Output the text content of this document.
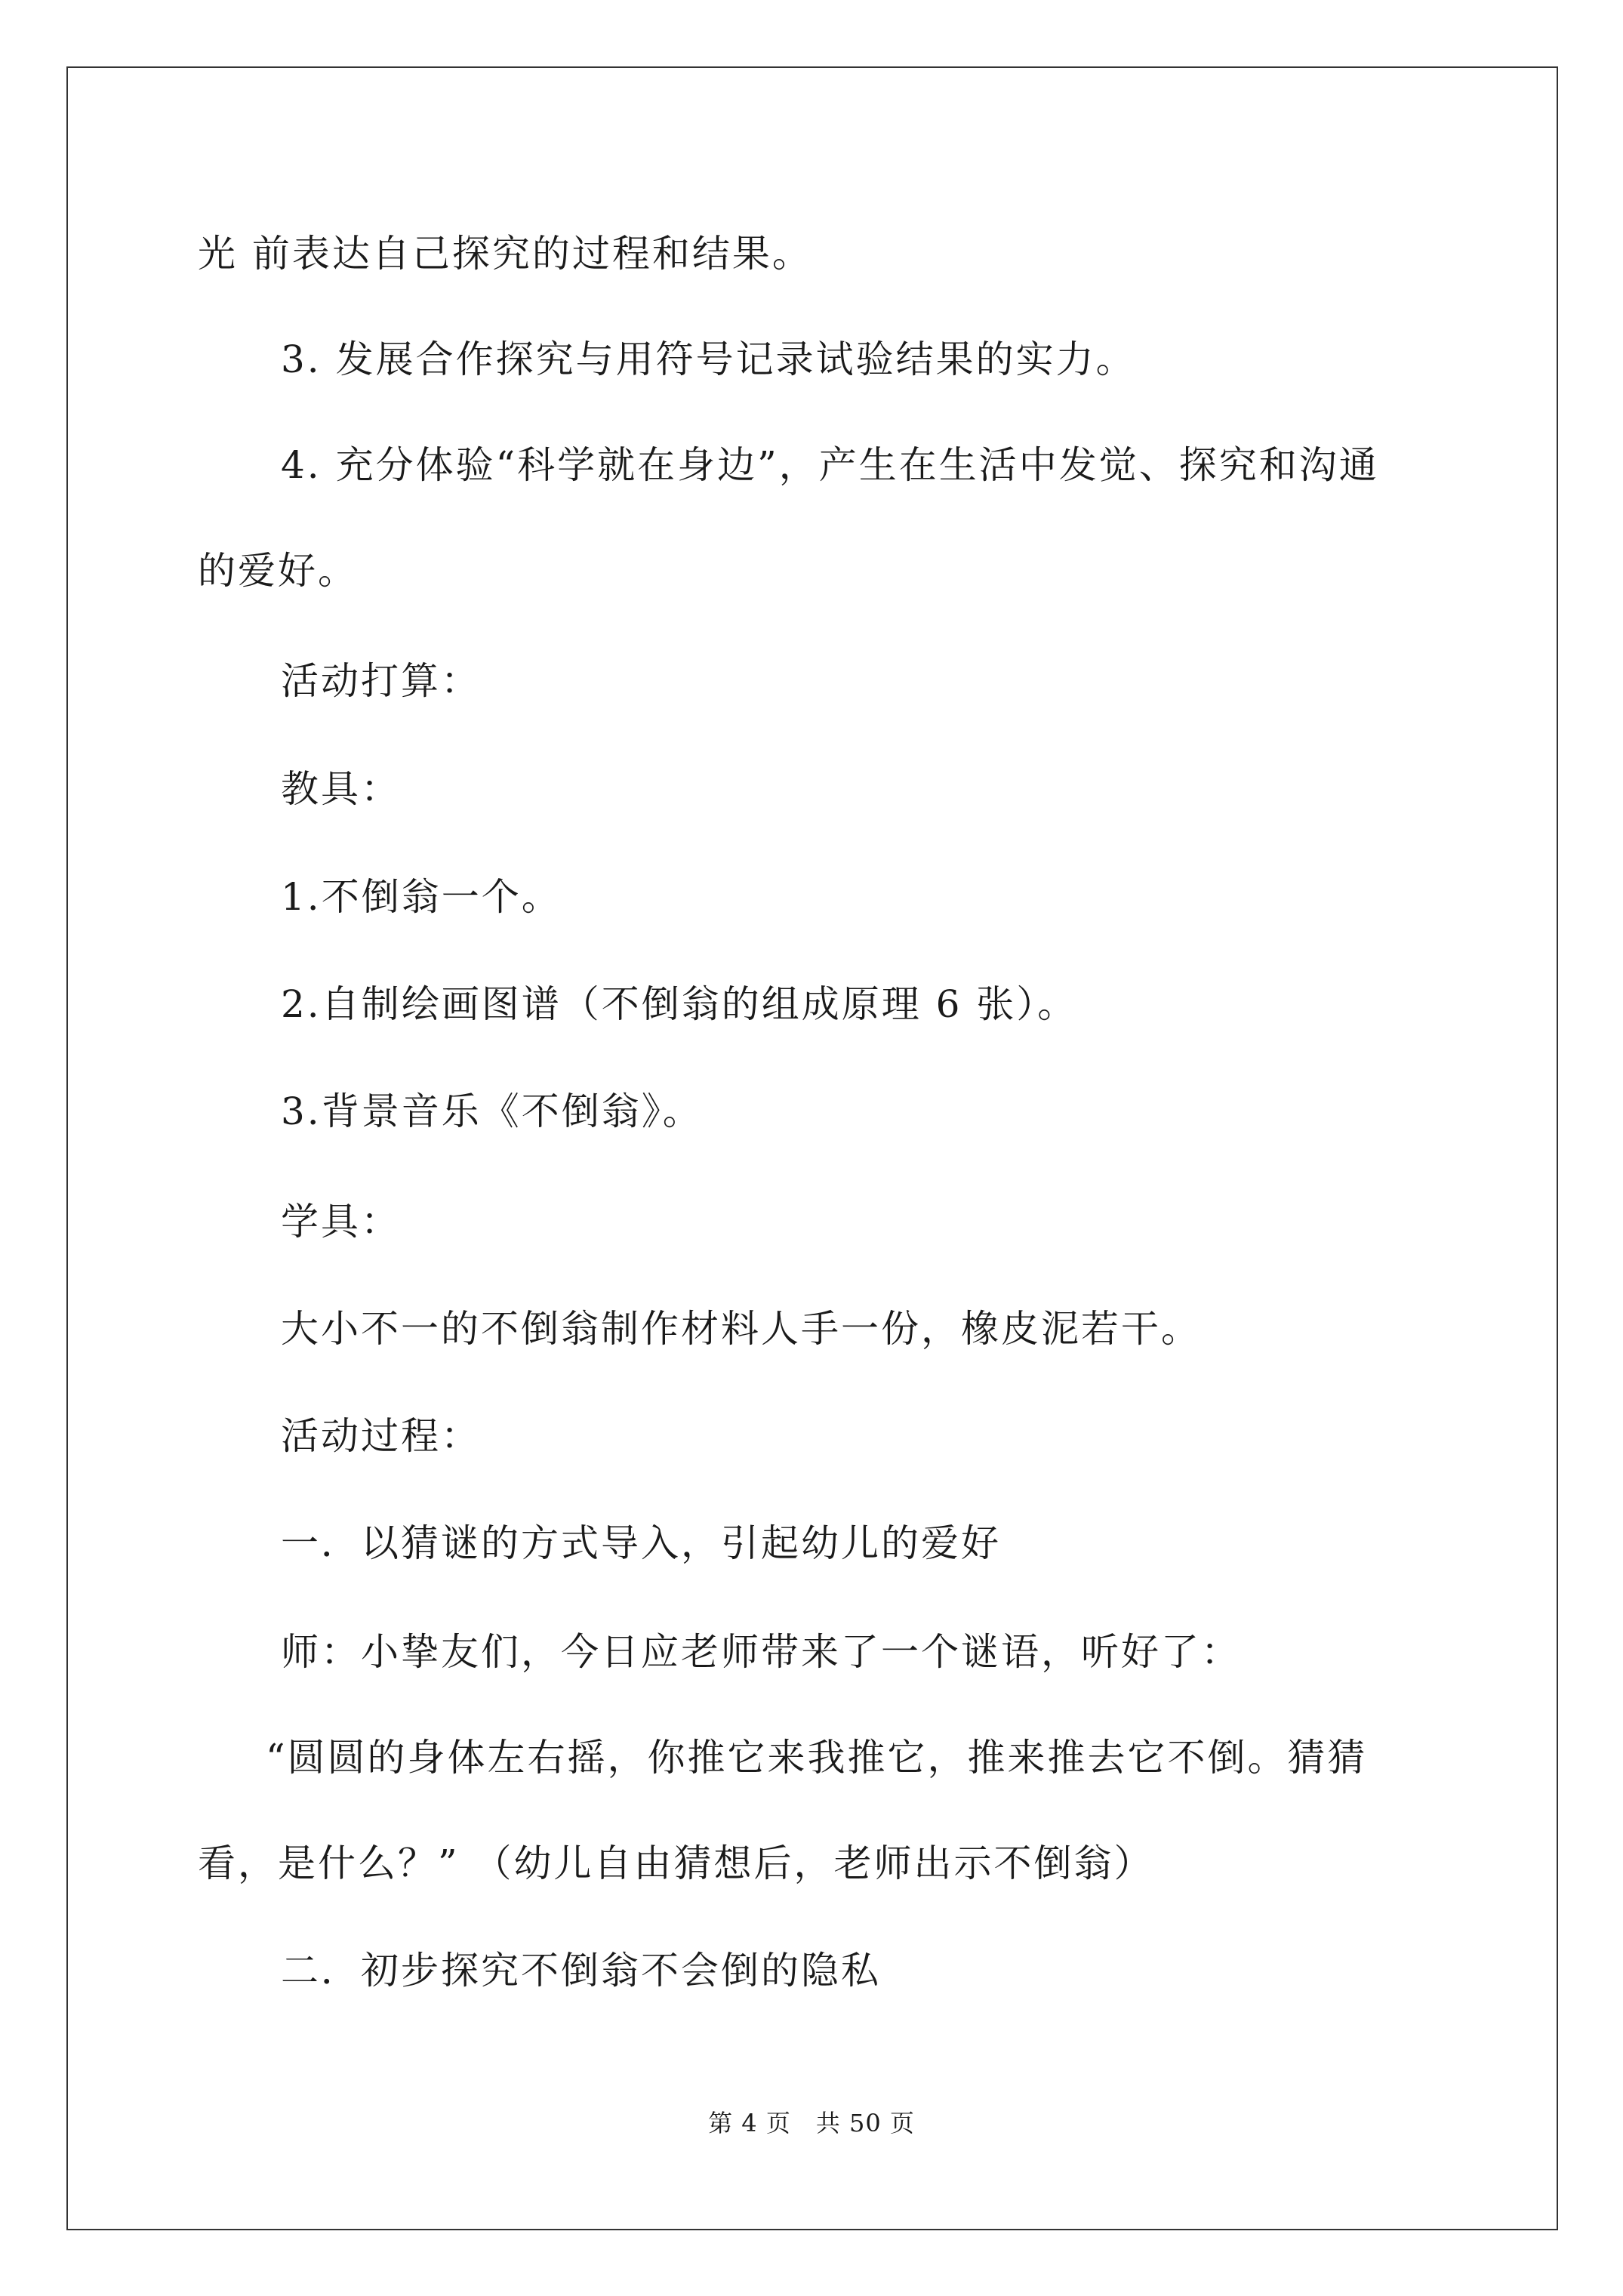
光 前表达自己探究的过程和结果。
3. 发展合作探究与用符号记录试验结果的实力。
4. 充分体验“科学就在身边”，产生在生活中发觉、探究和沟通
的爱好。
活动打算：
教具：
1.不倒翁一个。
2.自制绘画图谱（不倒翁的组成原理 6 张）。
3.背景音乐《不倒翁》。
学具：
大小不一的不倒翁制作材料人手一份，橡皮泥若干。
活动过程：
一．以猜谜的方式导入，引起幼儿的爱好
师：小挚友们，今日应老师带来了一个谜语，听好了：
“圆圆的身体左右摇，你推它来我推它，推来推去它不倒。猜猜
看，是什么？” （幼儿自由猜想后，老师出示不倒翁）
二．初步探究不倒翁不会倒的隐私
第 4 页　共 50 页
